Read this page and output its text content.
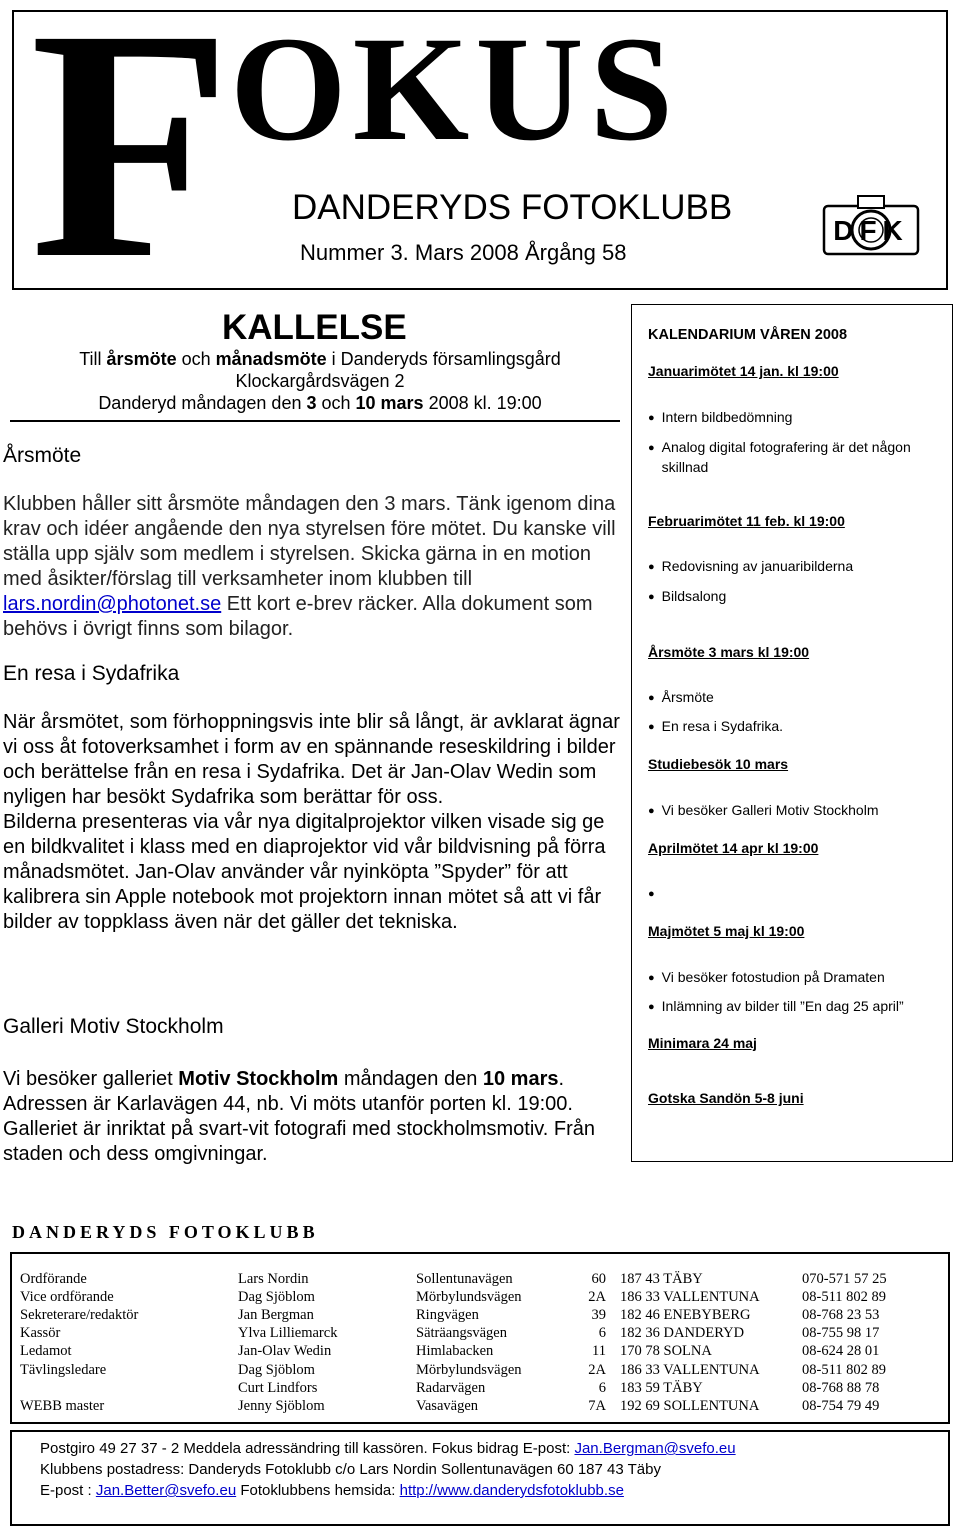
F OKUS
DANDERYDS FOTOKLUBB
Nummer 3. Mars 2008 Årgång 58
DFK
KALLELSE
Till årsmöte och månadsmöte i Danderyds församlingsgård
Klockargårdsvägen 2
Danderyd måndagen den 3 och 10 mars 2008 kl. 19:00
Årsmöte
Klubben håller sitt årsmöte måndagen den 3 mars. Tänk igenom dina krav och idéer angående den nya styrelsen före mötet. Du kanske vill ställa upp själv som medlem i styrelsen. Skicka gärna in en motion med åsikter/förslag till verksamheter inom klubben till lars.nordin@photonet.se Ett kort e-brev räcker. Alla dokument som behövs i övrigt finns som bilagor.
En resa i Sydafrika
När årsmötet, som förhoppningsvis inte blir så långt, är avklarat ägnar vi oss åt fotoverksamhet i form av en spännande reseskildring i bilder och berättelse från en resa i Sydafrika. Det är Jan-Olav Wedin som nyligen har besökt Sydafrika som berättar för oss.
Bilderna presenteras via vår nya digitalprojektor vilken visade sig ge en bildkvalitet i klass med en diaprojektor vid vår bildvisning på förra månadsmötet. Jan-Olav använder vår nyinköpta ”Spyder” för att kalibrera sin Apple notebook mot projektorn innan mötet så att vi får bilder av toppklass även när det gäller det tekniska.
Galleri Motiv Stockholm
Vi besöker galleriet Motiv Stockholm måndagen den 10 mars. Adressen är Karlavägen 44, nb. Vi möts utanför porten kl. 19:00. Galleriet är inriktat på svart-vit fotografi med stockholmsmotiv. Från staden och dess omgivningar.
KALENDARIUM VÅREN 2008
Januarimötet 14 jan. kl 19:00
● Intern bildbedömning
● Analog digital fotografering är det någon skillnad
Februarimötet 11 feb. kl 19:00
● Redovisning av januaribilderna
● Bildsalong
Årsmöte 3 mars kl 19:00
● Årsmöte
● En resa i Sydafrika.
Studiebesök 10 mars
● Vi besöker Galleri Motiv Stockholm
Aprilmötet 14 apr kl 19:00
●
Majmötet 5 maj kl 19:00
● Vi besöker fotostudion på Dramaten
● Inlämning av bilder till ”En dag 25 april”
Minimara 24 maj
Gotska Sandön 5-8 juni
DANDERYDS FOTOKLUBB
Ordförande	Lars Nordin	Sollentunavägen	60	187 43 TÄBY	070-571 57 25
Vice ordförande	Dag Sjöblom	Mörbylundsvägen	2A	186 33 VALLENTUNA	08-511 802 89
Sekreterare/redaktör	Jan Bergman	Ringvägen	39	182 46 ENEBYBERG	08-768 23 53
Kassör	Ylva Lilliemarck	Säträangsvägen	6	182 36 DANDERYD	08-755 98 17
Ledamot	Jan-Olav Wedin	Himlabacken	11	170 78 SOLNA	08-624 28 01
Tävlingsledare	Dag Sjöblom	Mörbylundsvägen	2A	186 33 VALLENTUNA	08-511 802 89
	Curt Lindfors	Radarvägen	6	183 59 TÄBY	08-768 88 78
WEBB master	Jenny Sjöblom	Vasavägen	7A	192 69 SOLLENTUNA	08-754 79 49
Postgiro 49 27 37 - 2 Meddela adressändring till kassören. Fokus bidrag E-post: Jan.Bergman@svefo.eu
Klubbens postadress: Danderyds Fotoklubb c/o Lars Nordin Sollentunavägen 60 187 43 Täby
E-post : Jan.Better@svefo.eu Fotoklubbens hemsida: http://www.danderydsfotoklubb.se
